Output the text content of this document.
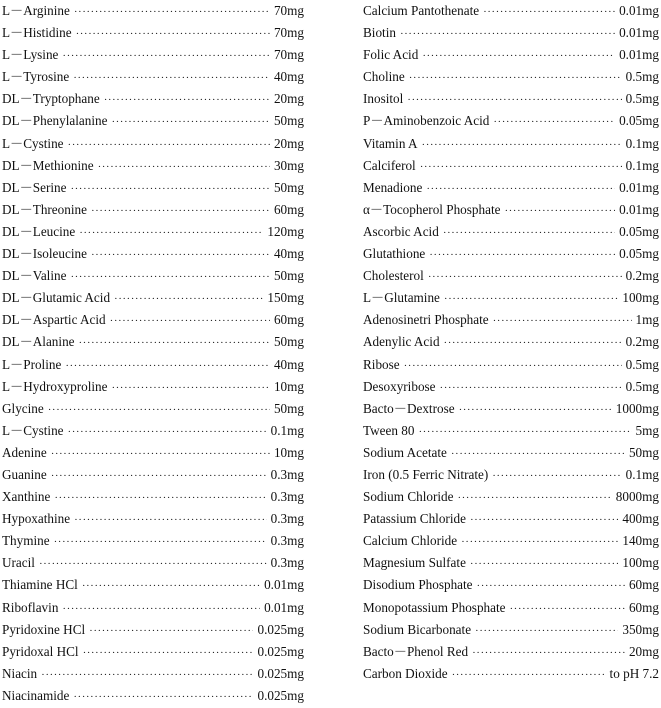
L－Arginine ·····	70mg
L－Histidine ·····	70mg
L－Lysine ·····	70mg
L－Tyrosine ·····	40mg
DL－Tryptophane ·····	20mg
DL－Phenylalanine ·····	50mg
L－Cystine ·····	20mg
DL－Methionine ·····	30mg
DL－Serine ·····	50mg
DL－Threonine ·····	60mg
DL－Leucine ·····	120mg
DL－Isoleucine ·····	40mg
DL－Valine ·····	50mg
DL－Glutamic Acid ·····	150mg
DL－Aspartic Acid ·····	60mg
DL－Alanine ·····	50mg
L－Proline ·····	40mg
L－Hydroxyproline ·····	10mg
Glycine ·····	50mg
L－Cystine ·····	0.1mg
Adenine ·····	10mg
Guanine ·····	0.3mg
Xanthine ·····	0.3mg
Hypoxathine ·····	0.3mg
Thymine ·····	0.3mg
Uracil ·····	0.3mg
Thiamine HCl ·····	0.01mg
Riboflavin ·····	0.01mg
Pyridoxine HCl ·····	0.025mg
Pyridoxal HCl ·····	0.025mg
Niacin ·····	0.025mg
Niacinamide ·····	0.025mg
Calcium Pantothenate ·····	0.01mg
Biotin ·····	0.01mg
Folic Acid ·····	0.01mg
Choline ·····	0.5mg
Inositol ·····	0.5mg
P－Aminobenzoic Acid ·····	0.05mg
Vitamin A ·····	0.1mg
Calciferol ·····	0.1mg
Menadione ·····	0.01mg
α－Tocopherol Phosphate ·····	0.01mg
Ascorbic Acid ·····	0.05mg
Glutathione ·····	0.05mg
Cholesterol ·····	0.2mg
L－Glutamine ·····	100mg
Adenosinetri Phosphate ·····	1mg
Adenylic Acid ·····	0.2mg
Ribose ·····	0.5mg
Desoxyribose ·····	0.5mg
Bacto－Dextrose ·····	1000mg
Tween 80 ·····	5mg
Sodium Acetate ·····	50mg
Iron (0.5 Ferric Nitrate) ·····	0.1mg
Sodium Chloride ·····	8000mg
Patassium Chloride ·····	400mg
Calcium Chloride ·····	140mg
Magnesium Sulfate ·····	100mg
Disodium Phosphate ·····	60mg
Monopotassium Phosphate ·····	60mg
Sodium Bicarbonate ·····	350mg
Bacto－Phenol Red ·····	20mg
Carbon Dioxide ·····	to pH 7.2
